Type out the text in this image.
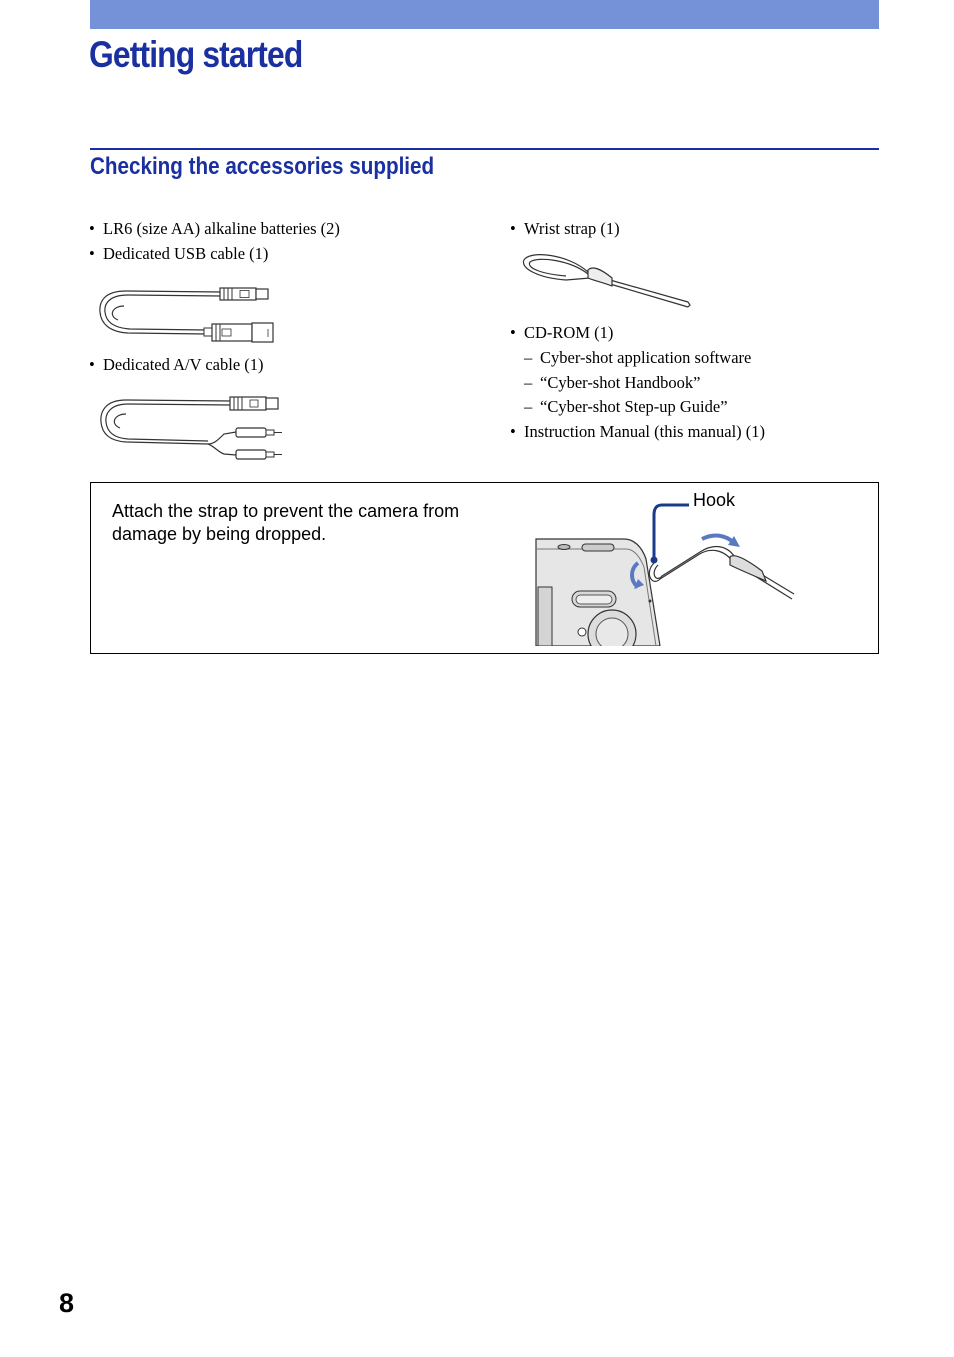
Getting started
Checking the accessories supplied
• LR6 (size AA) alkaline batteries (2)
• Dedicated USB cable (1)
• Dedicated A/V cable (1)
• Wrist strap (1)
• CD-ROM (1)
– Cyber-shot application software
– “Cyber-shot Handbook”
– “Cyber-shot Step-up Guide”
• Instruction Manual (this manual) (1)
Attach the strap to prevent the camera from damage by being dropped.
Hook
8
